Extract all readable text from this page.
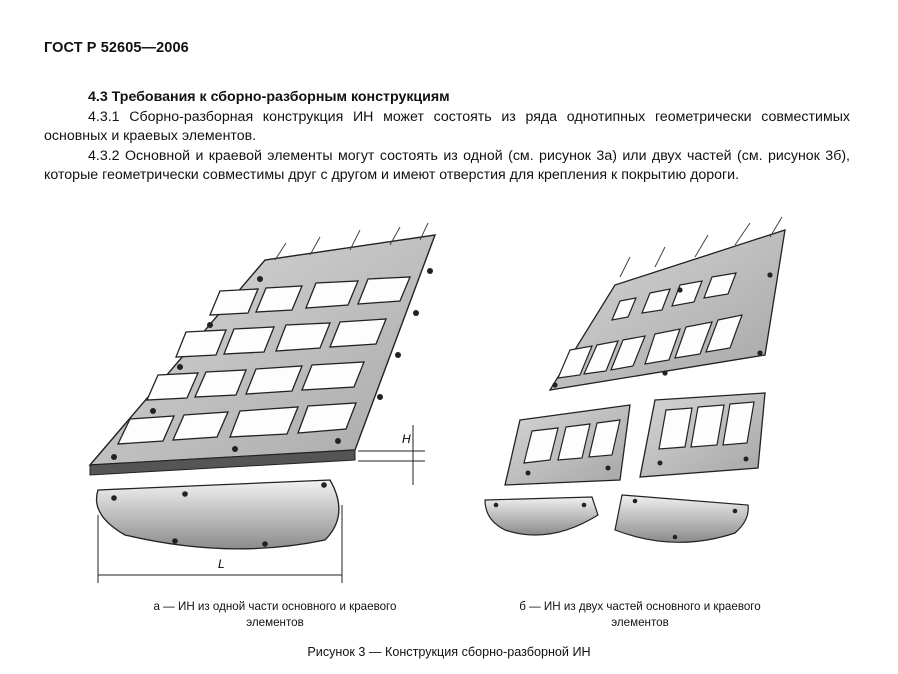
ГОСТ Р 52605—2006
4.3 Требования к сборно-разборным конструкциям

4.3.1 Сборно-разборная конструкция ИН может состоять из ряда однотипных геометрически совместимых основных и краевых элементов.

4.3.2 Основной и краевой элементы могут состоять из одной (см. рисунок 3а) или двух частей (см. рисунок 3б), которые геометрически совместимы друг с другом и имеют отверстия для крепления к покрытию дороги.

H
L
а — ИН из одной части основного и краевого
элементов
б — ИН из двух частей основного и краевого
элементов
Рисунок 3 — Конструкция сборно-разборной ИН
